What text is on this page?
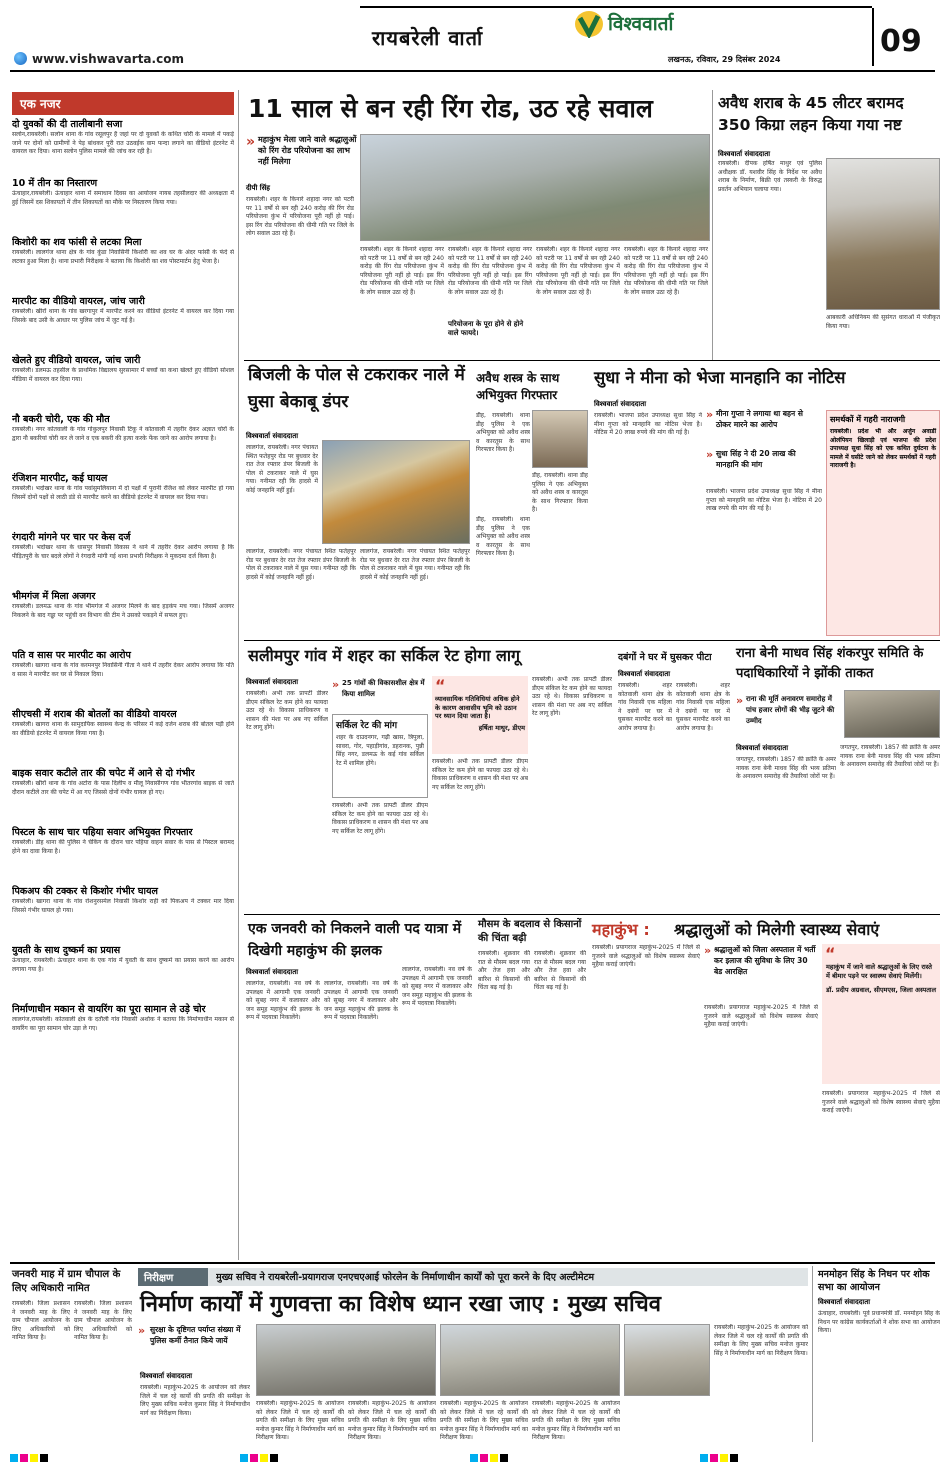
रायबरेली वार्ता
विश्ववार्ता
लखनऊ, रविवार, 29 दिसंबर 2024
09
www.vishwavarta.com
एक नजर
दो युवकों की दी तालीबानी सजा
सलोन,रायबरेली। सलोन थाना के गांव रसूलपुर है जहां पर दो युवकों के कथित चोरी के मामले में पकड़े जाने पर दोनों को ग्रामीणों ने पेड़ बांधकर पूरी रात उठवईक वाम फन्दा लगाने का वीडियो इंटरनेट में वायरल कर दिया। थाना सलोन पुलिस मामले की जांच कर रही है।
10 में तीन का निस्तारण
ऊंचाहार,रायबरेली। ऊंचाहार थाना में समाधान दिवस का आयोजन नायब तहसीलदार की अध्यक्षता में हुई जिसमें दस शिकायतों में तीन शिकायतों का मौके पर निस्तारण किया गया।
किशोरी का शव फांसी से लटका मिला
रायबरेली। लालगंज थाना क्षेत्र के गांव कुंडा निवासिनी किशोरी का शव घर के अंदर फांसी के फंदे से लटका हुआ मिला है। थाना प्रभारी निरीक्षक ने बताया कि किशोरी का शव पोस्टमार्टम हेतु भेजा है।
मारपीट का वीडियो वायरल, जांच जारी
रायबरेली। खीरों थाना के गांव खरगापुर में मारपीट करने का वीडियो इंटरनेट में वायरल कर दिया गया जिसके बाद उसी के आधार पर पुलिस जांच में जुट गई है।
खेलते हुए वीडियो वायरल, जांच जारी
रायबरेली। डलमऊ तहसील के प्राथमिक विद्यालय सुरसामार में बच्चों का कथा खेलते हुए वीडियो सोशल मीडिया में वायरल कर दिया गया।
नौ बकरी चोरी, एक की मौत
रायबरेली। नगर कोतवाली के गांव गोकुलपुर निवासी टिंकू ने कोतवाली में तहरीर देकर अज्ञात चोरों के द्वारा नौ बकरियां चोरी कर ले जाने व एक बकरी की हत्या करके फेंक जाने का आरोप लगाया है।
रंजिशन मारपीट, कई घायल
रायबरेली। भदोखर थाना के गांव पवांसुमलियाना में दो पक्षों में पुरानी रंजिश को लेकर मारपीट हो गया जिसमें दोनों पक्षों से लाठी डंडे से मारपीट करने का वीडियो इंटरनेट में वायरल कर दिया गया।
रंगदारी मांगने पर चार पर केस दर्ज
रायबरेली। भदोखर थाना के धासपुर निवासी विकास ने थाने में तहरीर देकर आरोप लगाया है कि पीड़ितपुरी के चार बदले लोगों ने रंगदारी मांगी गई थाना प्रभारी निरीक्षक ने मुकदमा दर्ज किया है।
भीमगंज में मिला अजगर
रायबरेली। डलमऊ थाना के गांव भीमगंज में अजगर मिलने के बाद हड़कंप मच गया। जिसमें अजगर निकलने के बाद गड्ढा पर पहुंची वन विभाग की टीम ने उसको पकड़ने में सफल हुए।
पति व सास पर मारपीट का आरोप
रायबरेली। खागरा थाना के गांव करमनपुर निवासिनी गीता ने थाने में तहरीर देकर आरोप लगाया कि पति व सास ने मारपीट कर घर से निकाल दिया।
सीएचसी में शराब की बोतलों का वीडियो वायरल
रायबरेली। खागरा थाना के सामुदायिक स्वास्थ्य केन्द्र के परिसर में कई दर्जन शराब की बोतल पड़ी होने का वीडियो इंटरनेट में वायरल किया गया है।
बाइक सवार कटीले तार की चपेट में आने से दो गंभीर
रायबरेली। खीरों थाना के गांव अटोरा के पास दिलीप व मीलू निवासीगण गांव भीतरगांव बाइक से जाते दौरान कटीले तार की चपेट में आ गए जिससे दोनों गंभीर घायल हो गए।
पिस्टल के साथ चार पहिया सवार अभियुक्त गिरफ्तार
रायबरेली। डीह थाना की पुलिस ने चेकिंग के दौरान चार पहिया वाहन सवार के पास से पिस्टल बरामद होने का दावा किया है।
पिकअप की टक्कर से किशोर गंभीर घायल
रायबरेली। खागरा थाना के गांव रोशनुरसमेल निवासी किशोर राही को पिकअप ने टक्कर मार दिया जिससे गंभीर घायल हो गया।
युवती के साथ दुष्कर्म का प्रयास
ऊंचाहार, रायबरेली। ऊंचाहार थाना के एक गांव में युवती के साथ दुष्कर्म का प्रयास करने का आरोप लगाया गया है।
निर्माणाधीन मकान से वायरिंग का पूरा सामान ले उड़े चोर
लालगंज,रायबरेली। कोतवाली क्षेत्र के दतौली गांव निवासी अशोक ने बताया कि निर्माणाधीन मकान से वायरिंग का पूरा सामान चोर उड़ा ले गए।
11 साल से बन रही रिंग रोड, उठ रहे सवाल
» महाकुंभ मेला जाने वाले श्रद्धालुओं को रिंग रोड परियोजना का लाभ नहीं मिलेगा
दीपी सिंह
रायबरेली। शहर के किनारे शहादा नगर को पटरी पर 11 वर्षों से बन रही 240 करोड़ की रिंग रोड परियोजना कुंभ में परियोजना पूरी नहीं हो पाई। इस रिंग रोड परियोजना की धीमी गति पर जिले के लोग सवाल उठा रहे हैं।
रायबरेली। शहर के किनारे शहादा नगर को पटरी पर 11 वर्षों से बन रही 240 करोड़ की रिंग रोड परियोजना कुंभ में परियोजना पूरी नहीं हो पाई। इस रिंग रोड परियोजना की धीमी गति पर जिले के लोग सवाल उठा रहे हैं।
रायबरेली। शहर के किनारे शहादा नगर को पटरी पर 11 वर्षों से बन रही 240 करोड़ की रिंग रोड परियोजना कुंभ में परियोजना पूरी नहीं हो पाई। इस रिंग रोड परियोजना की धीमी गति पर जिले के लोग सवाल उठा रहे हैं।
परियोजना के पूरा होने से होने वाले फायदे।
रायबरेली। शहर के किनारे शहादा नगर को पटरी पर 11 वर्षों से बन रही 240 करोड़ की रिंग रोड परियोजना कुंभ में परियोजना पूरी नहीं हो पाई। इस रिंग रोड परियोजना की धीमी गति पर जिले के लोग सवाल उठा रहे हैं।
रायबरेली। शहर के किनारे शहादा नगर को पटरी पर 11 वर्षों से बन रही 240 करोड़ की रिंग रोड परियोजना कुंभ में परियोजना पूरी नहीं हो पाई। इस रिंग रोड परियोजना की धीमी गति पर जिले के लोग सवाल उठा रहे हैं।
अवैध शराब के 45 लीटर बरामद 350 किग्रा लहन किया गया नष्ट
विश्ववार्ता संवाददाता
रायबरेली। दीपक हर्षित माथुर एवं पुलिस अधीक्षक डॉ. यशवीर सिंह के निर्देश पर अवैध शराब के निर्माण, बिक्री एवं तस्करी के विरुद्ध प्रवर्तन अभियान चलाया गया।
आबकारी अधिनियम की सुसंगत धाराओं में पंजीकृत किया गया।
बिजली के पोल से टकराकर नाले में घुसा बेकाबू डंपर
विश्ववार्ता संवाददाता
लालगंज, रायबरेली। नगर पंचायत स्थित फतेहपुर रोड पर बुधवार देर रात तेज रफ्तार डंपर बिजली के पोल से टकराकर नाले में घुस गया। गनीमत रही कि हादसे में कोई जनहानि नहीं हुई।
लालगंज, रायबरेली। नगर पंचायत स्थित फतेहपुर रोड पर बुधवार देर रात तेज रफ्तार डंपर बिजली के पोल से टकराकर नाले में घुस गया। गनीमत रही कि हादसे में कोई जनहानि नहीं हुई।
लालगंज, रायबरेली। नगर पंचायत स्थित फतेहपुर रोड पर बुधवार देर रात तेज रफ्तार डंपर बिजली के पोल से टकराकर नाले में घुस गया। गनीमत रही कि हादसे में कोई जनहानि नहीं हुई।
अवैध शस्त्र के साथ अभियुक्त गिरफ्तार
डीह, रायबरेली। थाना डीह पुलिस ने एक अभियुक्त को अवैध शस्त्र व कारतूस के साथ गिरफ्तार किया है।
डीह, रायबरेली। थाना डीह पुलिस ने एक अभियुक्त को अवैध शस्त्र व कारतूस के साथ गिरफ्तार किया है।
डीह, रायबरेली। थाना डीह पुलिस ने एक अभियुक्त को अवैध शस्त्र व कारतूस के साथ गिरफ्तार किया है।
सुधा ने मीना को भेजा मानहानि का नोटिस
विश्ववार्ता संवाददाता
रायबरेली। भाजपा प्रदेश उपाध्यक्ष सुधा सिंह ने मीना गुप्ता को मानहानि का नोटिस भेजा है। नोटिस में 20 लाख रुपये की मांग की गई है।
» मीना गुप्ता ने लगाया था बहन से ठोकर मारने का आरोप
» सुधा सिंह ने दी 20 लाख की मानहानि की मांग
रायबरेली। भाजपा प्रदेश उपाध्यक्ष सुधा सिंह ने मीना गुप्ता को मानहानि का नोटिस भेजा है। नोटिस में 20 लाख रुपये की मांग की गई है।
समर्थकों में गहरी नाराजगी
रायबरेली। प्रदेश भी और अर्जुन अवार्डी ओलंपियन खिलाड़ी एवं भाजपा की प्रदेश उपाध्यक्ष सुधा सिंह को एक कथित दुर्घटना के मामले में घसीटे जाने को लेकर समर्थकों में गहरी नाराजगी है।
सलीमपुर गांव में शहर का सर्किल रेट होगा लागू
विश्ववार्ता संवाददाता
रायबरेली। अभी तक प्रापर्टी डीलर डीएम संकिल रेट कम होने का फायदा उठा रहे थे। विकास प्राधिकरण व शासन की मंशा पर अब नए सर्किल रेट लागू होंगे।
» 25 गांवों की विकासशील क्षेत्र में किया शामिल
सर्किल रेट की मांग
शहर के दाउदनगर, गढ़ी खास, त्रिपुला, सावरा, गोर, पहाड़ीगांव, डहरानक, पुन्नी सिंह नगर, डलमऊ के कई गांव सर्किल रेट में शामिल होंगे।
रायबरेली। अभी तक प्रापर्टी डीलर डीएम संकिल रेट कम होने का फायदा उठा रहे थे। विकास प्राधिकरण व शासन की मंशा पर अब नए सर्किल रेट लागू होंगे।
“
व्यावसायिक गतिविधियां अधिक होने के कारण आवासीय भूमि को उठान पर ध्यान दिया जाता है।
हर्षिता माथुर, डीएम
रायबरेली। अभी तक प्रापर्टी डीलर डीएम संकिल रेट कम होने का फायदा उठा रहे थे। विकास प्राधिकरण व शासन की मंशा पर अब नए सर्किल रेट लागू होंगे।
रायबरेली। अभी तक प्रापर्टी डीलर डीएम संकिल रेट कम होने का फायदा उठा रहे थे। विकास प्राधिकरण व शासन की मंशा पर अब नए सर्किल रेट लागू होंगे।
दबंगों ने घर में घुसकर पीटा
विश्ववार्ता संवाददाता
रायबरेली। शहर कोतवाली थाना क्षेत्र के गांव निवासी एक महिला ने दबंगों पर घर में घुसकर मारपीट करने का आरोप लगाया है।
रायबरेली। शहर कोतवाली थाना क्षेत्र के गांव निवासी एक महिला ने दबंगों पर घर में घुसकर मारपीट करने का आरोप लगाया है।
राना बेनी माधव सिंह शंकरपुर समिति के पदाधिकारियों ने झोंकी ताकत
» राना की मूर्ति अनावरण समारोह में पांच हजार लोगों की भीड़ जुटने की उम्मीद
विश्ववार्ता संवाददाता
जगतपुर, रायबरेली। 1857 की क्रांति के अमर नायक राना बेनी माधव सिंह की भव्य प्रतिमा के अनावरण समारोह की तैयारियां जोरों पर हैं।
जगतपुर, रायबरेली। 1857 की क्रांति के अमर नायक राना बेनी माधव सिंह की भव्य प्रतिमा के अनावरण समारोह की तैयारियां जोरों पर हैं।
एक जनवरी को निकलने वाली पद यात्रा में दिखेगी महाकुंभ की झलक
विश्ववार्ता संवाददाता
लालगंज, रायबरेली। नव वर्ष के उपलक्ष्य में आगामी एक जनवरी को सुबह नगर में कलाकार और जन समूह महाकुंभ की झलक के रूप में पदयात्रा निकालेंगे।
लालगंज, रायबरेली। नव वर्ष के उपलक्ष्य में आगामी एक जनवरी को सुबह नगर में कलाकार और जन समूह महाकुंभ की झलक के रूप में पदयात्रा निकालेंगे।
लालगंज, रायबरेली। नव वर्ष के उपलक्ष्य में आगामी एक जनवरी को सुबह नगर में कलाकार और जन समूह महाकुंभ की झलक के रूप में पदयात्रा निकालेंगे।
मौसम के बदलाव से किसानों की चिंता बढ़ी
रायबरेली। शुक्रवार की रात से मौसम बदल गया और तेज हवा और बारिश से किसानों की चिंता बढ़ गई है।
रायबरेली। शुक्रवार की रात से मौसम बदल गया और तेज हवा और बारिश से किसानों की चिंता बढ़ गई है।
महाकुंभ : श्रद्धालुओं को मिलेगी स्वास्थ्य सेवाएं
रायबरेली। प्रयागराज महाकुंभ-2025 में जिले से गुजरने वाले श्रद्धालुओं को विशेष स्वास्थ्य सेवाएं मुहैया कराई जाएंगी।
» श्रद्धालुओं को जिला अस्पताल में भर्ती कर इलाज की सुविधा के लिए 30 बेड आरक्षित
रायबरेली। प्रयागराज महाकुंभ-2025 में जिले से गुजरने वाले श्रद्धालुओं को विशेष स्वास्थ्य सेवाएं मुहैया कराई जाएंगी।
“
महाकुंभ में जाने वाले श्रद्धालुओं के लिए रास्ते में बीमार पड़ने पर स्वास्थ्य सेवाएं मिलेंगी।
डॉ. प्रदीप अग्रवाल, सीएमएस, जिला अस्पताल
रायबरेली। प्रयागराज महाकुंभ-2025 में जिले से गुजरने वाले श्रद्धालुओं को विशेष स्वास्थ्य सेवाएं मुहैया कराई जाएंगी।
जनवरी माह में ग्राम चौपाल के लिए अधिकारी नामित
रायबरेली। जिला प्रशासन ने जनवरी माह के लिए ग्राम चौपाल आयोजन के लिए अधिकारियों को नामित किया है।
रायबरेली। जिला प्रशासन ने जनवरी माह के लिए ग्राम चौपाल आयोजन के लिए अधिकारियों को नामित किया है।
निरीक्षण	मुख्य सचिव ने रायबरेली-प्रयागराज एनएचएआई फोरलेन के निर्माणाधीन कार्यों को पूरा करने के दिए अल्टीमेटम
निर्माण कार्यों में गुणवत्ता का विशेष ध्यान रखा जाए : मुख्य सचिव
» सुरक्षा के दृष्टिगत पर्याप्त संख्या में पुलिस कर्मी तैनात किये जायें
विश्ववार्ता संवाददाता
रायबरेली। महाकुंभ-2025 के आयोजन को लेकर जिले में चल रहे कार्यों की प्रगति की समीक्षा के लिए मुख्य सचिव मनोज कुमार सिंह ने निर्माणाधीन मार्ग का निरीक्षण किया।
रायबरेली। महाकुंभ-2025 के आयोजन को लेकर जिले में चल रहे कार्यों की प्रगति की समीक्षा के लिए मुख्य सचिव मनोज कुमार सिंह ने निर्माणाधीन मार्ग का निरीक्षण किया।
रायबरेली। महाकुंभ-2025 के आयोजन को लेकर जिले में चल रहे कार्यों की प्रगति की समीक्षा के लिए मुख्य सचिव मनोज कुमार सिंह ने निर्माणाधीन मार्ग का निरीक्षण किया।
रायबरेली। महाकुंभ-2025 के आयोजन को लेकर जिले में चल रहे कार्यों की प्रगति की समीक्षा के लिए मुख्य सचिव मनोज कुमार सिंह ने निर्माणाधीन मार्ग का निरीक्षण किया।
रायबरेली। महाकुंभ-2025 के आयोजन को लेकर जिले में चल रहे कार्यों की प्रगति की समीक्षा के लिए मुख्य सचिव मनोज कुमार सिंह ने निर्माणाधीन मार्ग का निरीक्षण किया।
रायबरेली। महाकुंभ-2025 के आयोजन को लेकर जिले में चल रहे कार्यों की प्रगति की समीक्षा के लिए मुख्य सचिव मनोज कुमार सिंह ने निर्माणाधीन मार्ग का निरीक्षण किया।
मनमोहन सिंह के निधन पर शोक सभा का आयोजन
विश्ववार्ता संवाददाता
ऊंचाहार, रायबरेली। पूर्व प्रधानमंत्री डॉ. मनमोहन सिंह के निधन पर कांग्रेस कार्यकर्ताओं ने शोक सभा का आयोजन किया।
